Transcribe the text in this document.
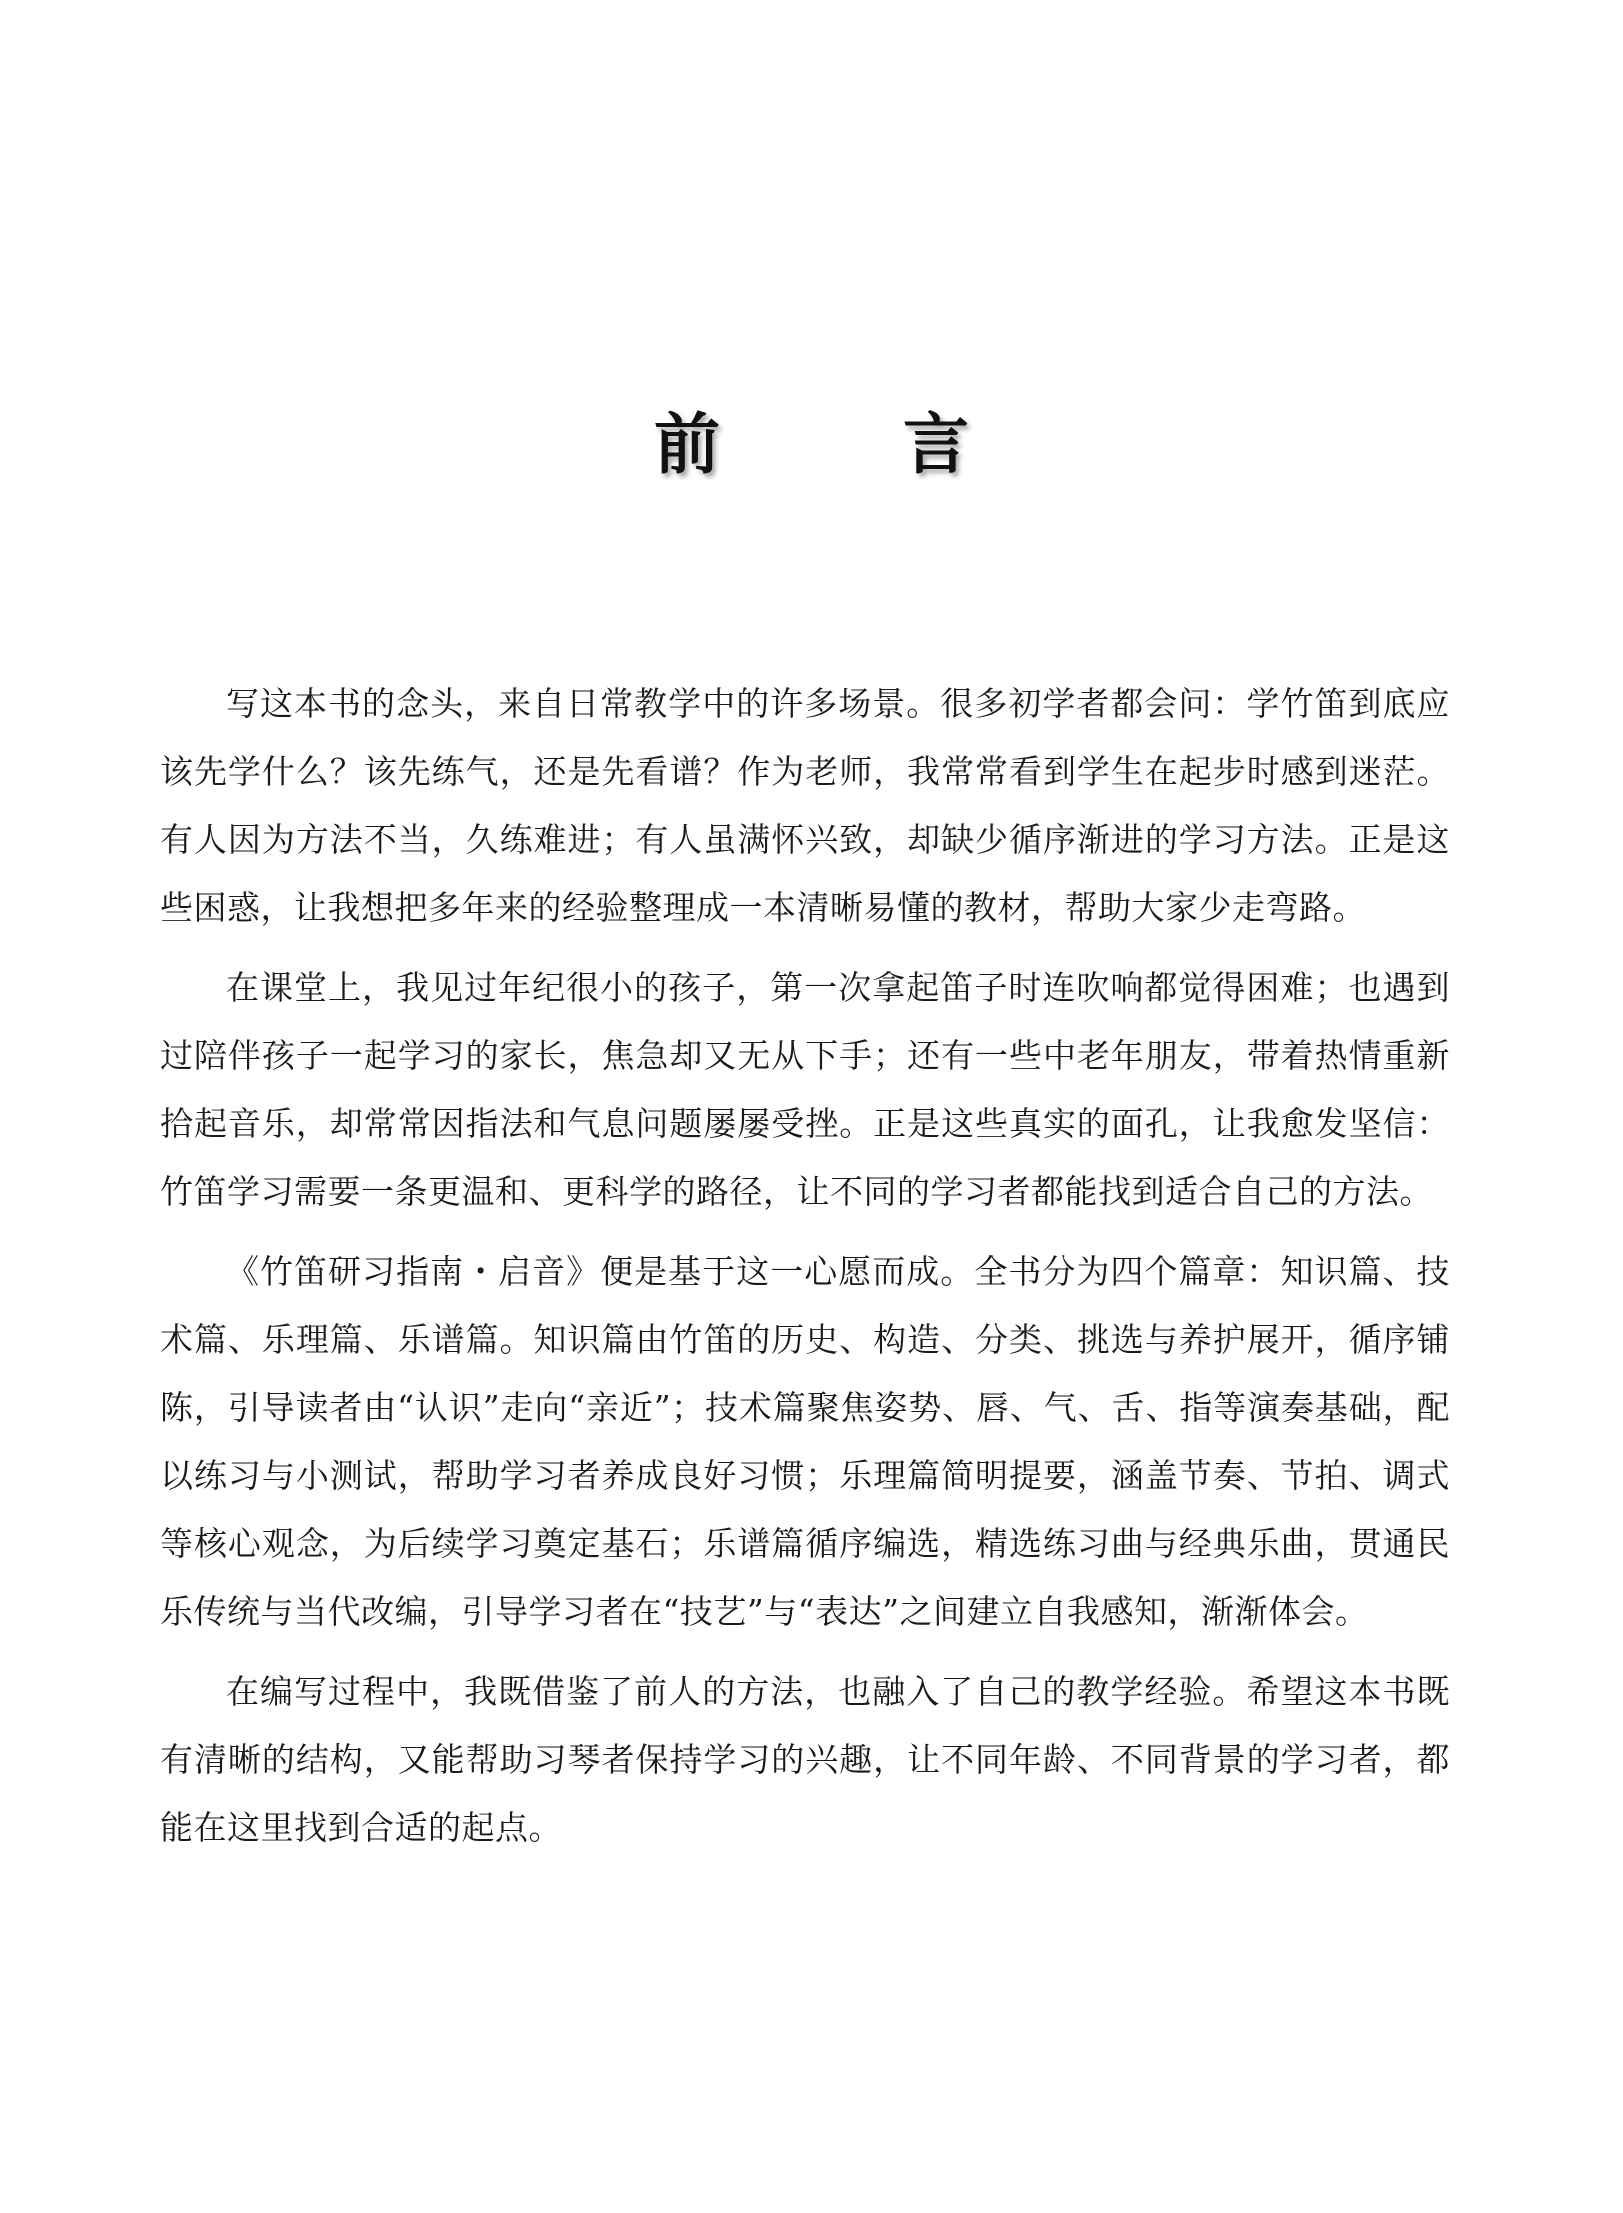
前 言

写这本书的念头，来自日常教学中的许多场景。很多初学者都会问：学竹笛到底应该先学什么？该先练气，还是先看谱？作为老师，我常常看到学生在起步时感到迷茫。有人因为方法不当，久练难进；有人虽满怀兴致，却缺少循序渐进的学习方法。正是这些困惑，让我想把多年来的经验整理成一本清晰易懂的教材，帮助大家少走弯路。

在课堂上，我见过年纪很小的孩子，第一次拿起笛子时连吹响都觉得困难；也遇到过陪伴孩子一起学习的家长，焦急却又无从下手；还有一些中老年朋友，带着热情重新拾起音乐，却常常因指法和气息问题屡屡受挫。正是这些真实的面孔，让我愈发坚信：竹笛学习需要一条更温和、更科学的路径，让不同的学习者都能找到适合自己的方法。

《竹笛研习指南・启音》便是基于这一心愿而成。全书分为四个篇章：知识篇、技术篇、乐理篇、乐谱篇。知识篇由竹笛的历史、构造、分类、挑选与养护展开，循序铺陈，引导读者由“认识”走向“亲近”；技术篇聚焦姿势、唇、气、舌、指等演奏基础，配以练习与小测试，帮助学习者养成良好习惯；乐理篇简明提要，涵盖节奏、节拍、调式等核心观念，为后续学习奠定基石；乐谱篇循序编选，精选练习曲与经典乐曲，贯通民乐传统与当代改编，引导学习者在“技艺”与“表达”之间建立自我感知，渐渐体会。

在编写过程中，我既借鉴了前人的方法，也融入了自己的教学经验。希望这本书既有清晰的结构，又能帮助习琴者保持学习的兴趣，让不同年龄、不同背景的学习者，都能在这里找到合适的起点。
